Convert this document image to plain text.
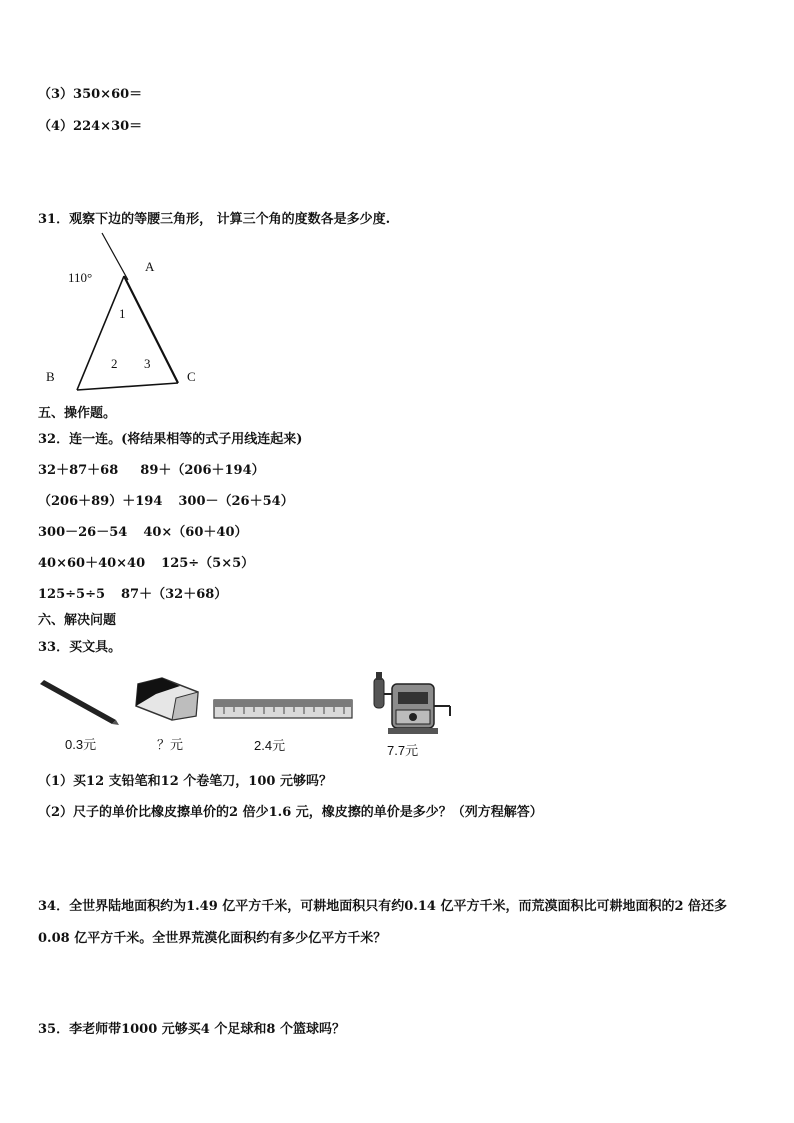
（3）350×60＝
（4）224×30＝
31．观察下边的等腰三角形， 计算三个角的度数各是多少度.
110°
A
B	C
1
2 3
五、操作题。
32．连一连。(将结果相等的式子用线连起来)
32＋87＋68 89＋（206＋194）
（206＋89）＋194 300－（26＋54）
300－26－54 40×（60＋40）
40×60＋40×40 125÷（5×5）
125÷5÷5 87＋（32＋68）
六、解决问题
33．买文具。
0.3元	？元	2.4元	7.7元
（1）买12 支铅笔和12 个卷笔刀，100 元够吗？
（2）尺子的单价比橡皮擦单价的2 倍少1.6 元，橡皮擦的单价是多少？（列方程解答）
34．全世界陆地面积约为1.49 亿平方千米，可耕地面积只有约0.14 亿平方千米，而荒漠面积比可耕地面积的2 倍还多
0.08 亿平方千米。全世界荒漠化面积约有多少亿平方千米？
35．李老师带1000 元够买4 个足球和8 个篮球吗？
